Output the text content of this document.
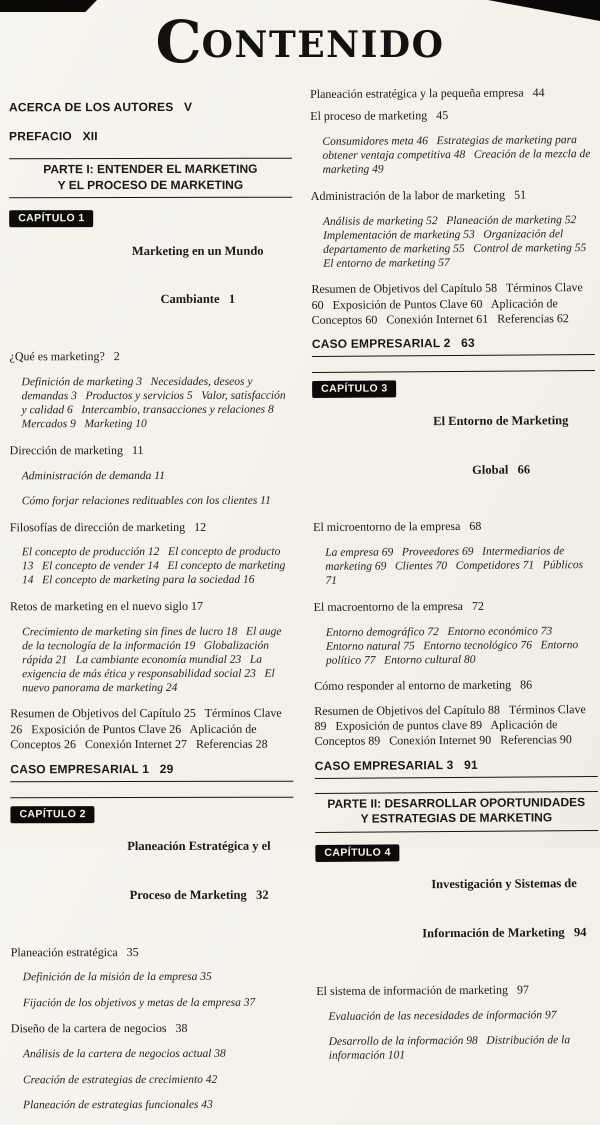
CONTENIDO

ACERCA DE LOS AUTORES   V

PREFACIO   XII

PARTE I: ENTENDER EL MARKETING
Y EL PROCESO DE MARKETING
CAPÍTULO 1

Marketing en un Mundo

Cambiante   1

¿Qué es marketing?   2

Definición de marketing 3   Necesidades, deseos y demandas 3   Productos y servicios 5   Valor, satisfacción y calidad 6   Intercambio, transacciones y relaciones 8   Mercados 9   Marketing 10

Dirección de marketing   11

Administración de demanda 11

Cómo forjar relaciones redituables con los clientes 11

Filosofías de dirección de marketing   12

El concepto de producción 12   El concepto de producto 13   El concepto de vender 14   El concepto de marketing 14   El concepto de marketing para la sociedad 16

Retos de marketing en el nuevo siglo 17

Crecimiento de marketing sin fines de lucro 18   El auge de la tecnología de la información 19   Globalización rápida 21   La cambiante economía mundial 23   La exigencia de más ética y responsabilidad social 23   El nuevo panorama de marketing 24

Resumen de Objetivos del Capítulo 25   Términos Clave 26   Exposición de Puntos Clave 26   Aplicación de Conceptos 26   Conexión Internet 27   Referencias 28

CASO EMPRESARIAL 1   29

CAPÍTULO 2

Planeación Estratégica y el

Proceso de Marketing   32

Planeación estratégica   35

Definición de la misión de la empresa 35

Fijación de los objetivos y metas de la empresa 37

Diseño de la cartera de negocios   38

Análisis de la cartera de negocios actual 38

Creación de estrategias de crecimiento 42

Planeación de estrategias funcionales 43

Planeación estratégica y la pequeña empresa   44

El proceso de marketing   45

Consumidores meta 46   Estrategias de marketing para obtener ventaja competitiva 48   Creación de la mezcla de marketing 49

Administración de la labor de marketing   51

Análisis de marketing 52   Planeación de marketing 52   Implementación de marketing 53   Organización del departamento de marketing 55   Control de marketing 55   El entorno de marketing 57

Resumen de Objetivos del Capítulo 58   Términos Clave 60   Exposición de Puntos Clave 60   Aplicación de Conceptos 60   Conexión Internet 61   Referencias 62

CASO EMPRESARIAL 2   63

CAPÍTULO 3

El Entorno de Marketing

Global   66

El microentorno de la empresa   68

La empresa 69   Proveedores 69   Intermediarios de marketing 69   Clientes 70   Competidores 71   Públicos 71

El macroentorno de la empresa   72

Entorno demográfico 72   Entorno económico 73   Entorno natural 75   Entorno tecnológico 76   Entorno político 77   Entorno cultural 80

Cómo responder al entorno de marketing   86

Resumen de Objetivos del Capítulo 88   Términos Clave 89   Exposición de puntos clave 89   Aplicación de Conceptos 89   Conexión Internet 90   Referencias 90

CASO EMPRESARIAL 3   91

PARTE II: DESARROLLAR OPORTUNIDADES
Y ESTRATEGIAS DE MARKETING
CAPÍTULO 4

Investigación y Sistemas de

Información de Marketing   94

El sistema de información de marketing   97

Evaluación de las necesidades de información 97

Desarrollo de la información 98   Distribución de la información 101
